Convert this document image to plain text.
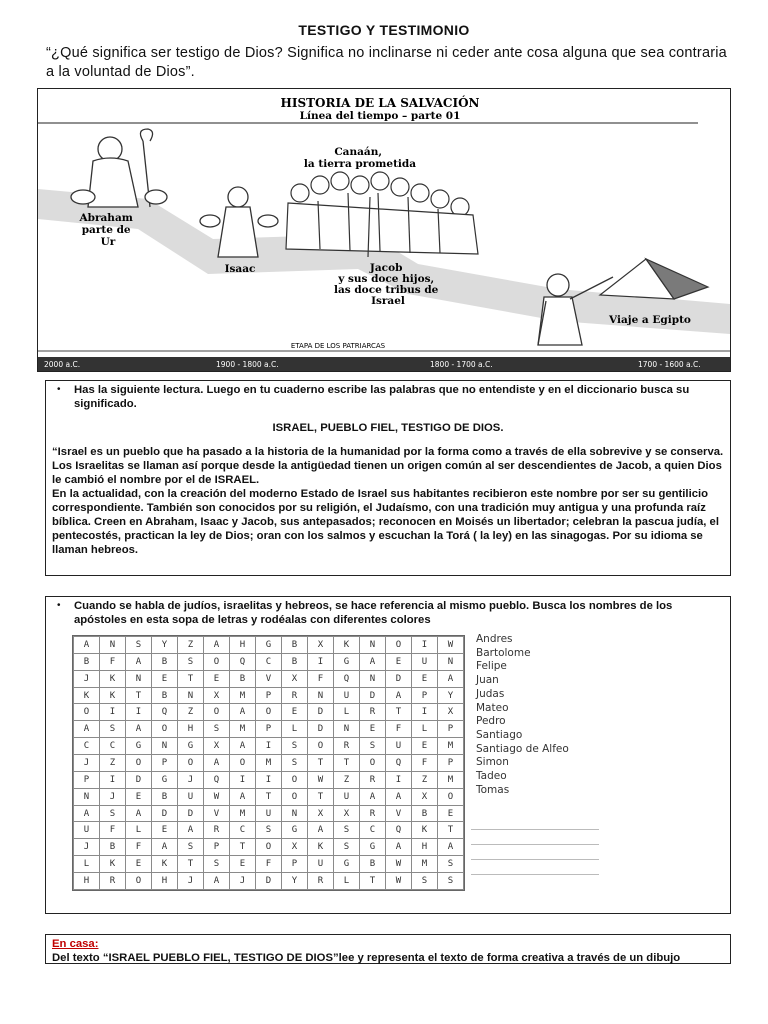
TESTIGO Y TESTIMONIO
“¿Qué significa ser testigo de Dios? Significa no inclinarse ni ceder ante cosa alguna que sea contraria a la voluntad de Dios”.
HISTORIA DE LA SALVACIÓN
Línea del tiempo – parte 01
Abraham parte de Ur
Isaac
Canaán, la tierra prometida
Jacob y sus doce hijos, las doce tribus de Israel
Viaje a Egipto
ETAPA DE LOS PATRIARCAS
2000 a.C.	1900 - 1800 a.C.	1800 - 1700 a.C.	1700 - 1600 a.C.
•	Has la siguiente lectura. Luego en tu cuaderno escribe las palabras que no entendiste y en el diccionario busca su significado.
ISRAEL, PUEBLO FIEL, TESTIGO DE DIOS.

“Israel es un pueblo que ha pasado a la historia de la humanidad por la forma como a través de ella sobrevive y se conserva.

Los Israelitas se llaman así porque desde la antigüedad tienen un origen común al ser descendientes de Jacob, a quien Dios le cambió el nombre por el de ISRAEL.

En la actualidad, con la creación del moderno Estado de Israel sus habitantes recibieron este nombre por ser su gentilicio correspondiente. También son conocidos por su religión, el Judaísmo, con una tradición muy antigua y una profunda raíz bíblica. Creen en Abraham, Isaac y Jacob, sus antepasados; reconocen en Moisés un libertador; celebran la pascua judía, el pentecostés, practican la ley de Dios; oran con los salmos y escuchan la Torá ( la ley) en las sinagogas. Por su idioma se llaman hebreos.

•	Cuando se habla de judíos, israelitas y hebreos, se hace referencia al mismo pueblo. Busca los nombres de los apóstoles en esta sopa de letras y rodéalas con diferentes colores
A	N	S	Y	Z	A	H	G	B	X	K	N	O	I	W
B	F	A	B	S	O	Q	C	B	I	G	A	E	U	N
J	K	N	E	T	E	B	V	X	F	Q	N	D	E	A
K	K	T	B	N	X	M	P	R	N	U	D	A	P	Y
O	I	I	Q	Z	O	A	O	E	D	L	R	T	I	X
A	S	A	O	H	S	M	P	L	D	N	E	F	L	P
C	C	G	N	G	X	A	I	S	O	R	S	U	E	M
J	Z	O	P	O	A	O	M	S	T	T	O	Q	F	P
P	I	D	G	J	Q	I	I	O	W	Z	R	I	Z	M
N	J	E	B	U	W	A	T	O	T	U	A	A	X	O
A	S	A	D	D	V	M	U	N	X	X	R	V	B	E
U	F	L	E	A	R	C	S	G	A	S	C	Q	K	T
J	B	F	A	S	P	T	O	X	K	S	G	A	H	A
L	K	E	K	T	S	E	F	P	U	G	B	W	M	S
H	R	O	H	J	A	J	D	Y	R	L	T	W	S	S
Andres
Bartolome
Felipe
Juan
Judas
Mateo
Pedro
Santiago
Santiago de Alfeo
Simon
Tadeo
Tomas
En casa:
Del texto “ISRAEL PUEBLO FIEL, TESTIGO DE DIOS”lee y representa el texto de forma creativa a través de un dibujo
